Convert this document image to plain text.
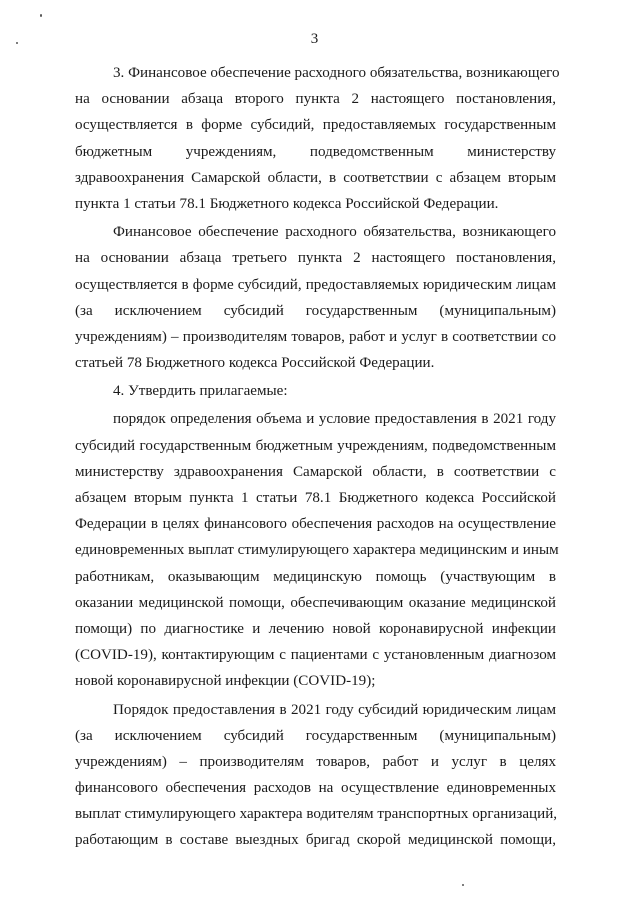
3

3. Финансовое обеспечение расходного обязательства, возникающего
на основании абзаца второго пункта 2 настоящего постановления,
осуществляется в форме субсидий, предоставляемых государственным
бюджетным учреждениям, подведомственным министерству
здравоохранения Самарской области, в соответствии с абзацем вторым
пункта 1 статьи 78.1 Бюджетного кодекса Российской Федерации.

Финансовое обеспечение расходного обязательства, возникающего
на основании абзаца третьего пункта 2 настоящего постановления,
осуществляется в форме субсидий, предоставляемых юридическим лицам
(за исключением субсидий государственным (муниципальным)
учреждениям) – производителям товаров, работ и услуг в соответствии со
статьей 78 Бюджетного кодекса Российской Федерации.

4. Утвердить прилагаемые:

порядок определения объема и условие предоставления в 2021 году
субсидий государственным бюджетным учреждениям, подведомственным
министерству здравоохранения Самарской области, в соответствии с
абзацем вторым пункта 1 статьи 78.1 Бюджетного кодекса Российской
Федерации в целях финансового обеспечения расходов на осуществление
единовременных выплат стимулирующего характера медицинским и иным
работникам, оказывающим медицинскую помощь (участвующим в
оказании медицинской помощи, обеспечивающим оказание медицинской
помощи) по диагностике и лечению новой коронавирусной инфекции
(COVID-19), контактирующим с пациентами с установленным диагнозом
новой коронавирусной инфекции (COVID-19);

Порядок предоставления в 2021 году субсидий юридическим лицам
(за исключением субсидий государственным (муниципальным)
учреждениям) – производителям товаров, работ и услуг в целях
финансового обеспечения расходов на осуществление единовременных
выплат стимулирующего характера водителям транспортных организаций,
работающим в составе выездных бригад скорой медицинской помощи,
